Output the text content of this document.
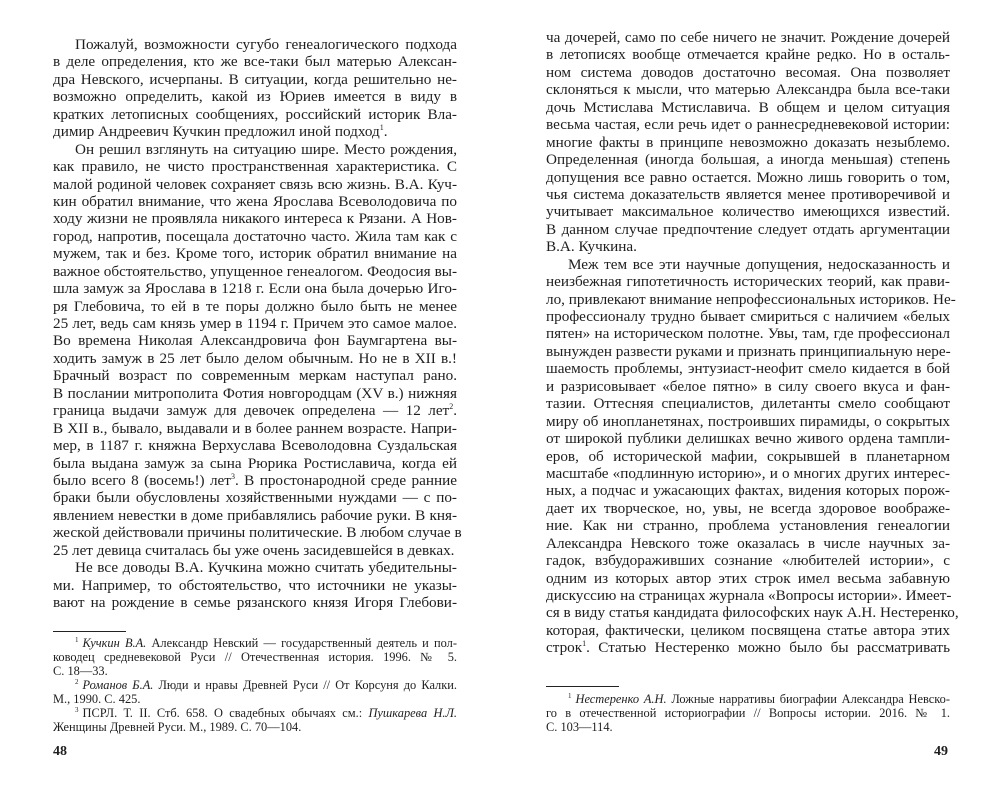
Пожалуй, возможности сугубо генеалогического подхода
в деле определения, кто же все-таки был матерью Алексан-
дра Невского, исчерпаны. В ситуации, когда решительно не-
возможно определить, какой из Юриев имеется в виду в
кратких летописных сообщениях, российский историк Вла-
димир Андреевич Кучкин предложил иной подход$^1$.
Он решил взглянуть на ситуацию шире. Место рождения,
как правило, не чисто пространственная характеристика. С
малой родиной человек сохраняет связь всю жизнь. В.А. Куч-
кин обратил внимание, что жена Ярослава Всеволодовича по
ходу жизни не проявляла никакого интереса к Рязани. А Нов-
город, напротив, посещала достаточно часто. Жила там как с
мужем, так и без. Кроме того, историк обратил внимание на
важное обстоятельство, упущенное генеалогом. Феодосия вы-
шла замуж за Ярослава в 1218 г. Если она была дочерью Иго-
ря Глебовича, то ей в те поры должно было быть не менее
25 лет, ведь сам князь умер в 1194 г. Причем это самое малое.
Во времена Николая Александровича фон Баумгартена вы-
ходить замуж в 25 лет было делом обычным. Но не в XII в.!
Брачный возраст по современным меркам наступал рано.
В послании митрополита Фотия новгородцам (XV в.) нижняя
граница выдачи замуж для девочек определена — 12 лет$^2$.
В XII в., бывало, выдавали и в более раннем возрасте. Напри-
мер, в 1187 г. княжна Верхуслава Всеволодовна Суздальская
была выдана замуж за сына Рюрика Ростиславича, когда ей
было всего 8 (восемь!) лет$^3$. В простонародной среде ранние
браки были обусловлены хозяйственными нуждами — с по-
явлением невестки в доме прибавлялись рабочие руки. В кня-
жеской действовали причины политические. В любом случае в
25 лет девица считалась бы уже очень засидевшейся в девках.
Не все доводы В.А. Кучкина можно считать убедительны-
ми. Например, то обстоятельство, что источники не указы-
вают на рождение в семье рязанского князя Игоря Глебови-
$^1$ Кучкин В.А. Александр Невский — государственный деятель и пол-
ководец средневековой Руси // Отечественная история. 1996. № 5.
С. 18—33.
$^2$ Романов Б.А. Люди и нравы Древней Руси // От Корсуня до Калки.
М., 1990. С. 425.
$^3$ ПСРЛ. Т. II. Стб. 658. О свадебных обычаях см.: Пушкарева Н.Л.
Женщины Древней Руси. М., 1989. С. 70—104.
48
ча дочерей, само по себе ничего не значит. Рождение дочерей
в летописях вообще отмечается крайне редко. Но в осталь-
ном система доводов достаточно весомая. Она позволяет
склоняться к мысли, что матерью Александра была все-таки
дочь Мстислава Мстиславича. В общем и целом ситуация
весьма частая, если речь идет о раннесредневековой истории:
многие факты в принципе невозможно доказать незыблемо.
Определенная (иногда большая, а иногда меньшая) степень
допущения все равно остается. Можно лишь говорить о том,
чья система доказательств является менее противоречивой и
учитывает максимальное количество имеющихся известий.
В данном случае предпочтение следует отдать аргументации
В.А. Кучкина.
Меж тем все эти научные допущения, недосказанность и
неизбежная гипотетичность исторических теорий, как прави-
ло, привлекают внимание непрофессиональных историков. Не-
профессионалу трудно бывает смириться с наличием «белых
пятен» на историческом полотне. Увы, там, где профессионал
вынужден развести руками и признать принципиальную нере-
шаемость проблемы, энтузиаст-неофит смело кидается в бой
и разрисовывает «белое пятно» в силу своего вкуса и фан-
тазии. Оттесняя специалистов, дилетанты смело сообщают
миру об инопланетянах, построивших пирамиды, о сокрытых
от широкой публики делишках вечно живого ордена тампли-
еров, об исторической мафии, сокрывшей в планетарном
масштабе «подлинную историю», и о многих других интерес-
ных, а подчас и ужасающих фактах, видения которых порож-
дает их творческое, но, увы, не всегда здоровое воображе-
ние. Как ни странно, проблема установления генеалогии
Александра Невского тоже оказалась в числе научных за-
гадок, взбудораживших сознание «любителей истории», с
одним из которых автор этих строк имел весьма забавную
дискуссию на страницах журнала «Вопросы истории». Имеет-
ся в виду статья кандидата философских наук А.Н. Нестеренко,
которая, фактически, целиком посвящена статье автора этих
строк$^1$. Статью Нестеренко можно было бы рассматривать
$^1$ Нестеренко А.Н. Ложные нарративы биографии Александра Невско-
го в отечественной историографии // Вопросы истории. 2016. № 1.
С. 103—114.
49
